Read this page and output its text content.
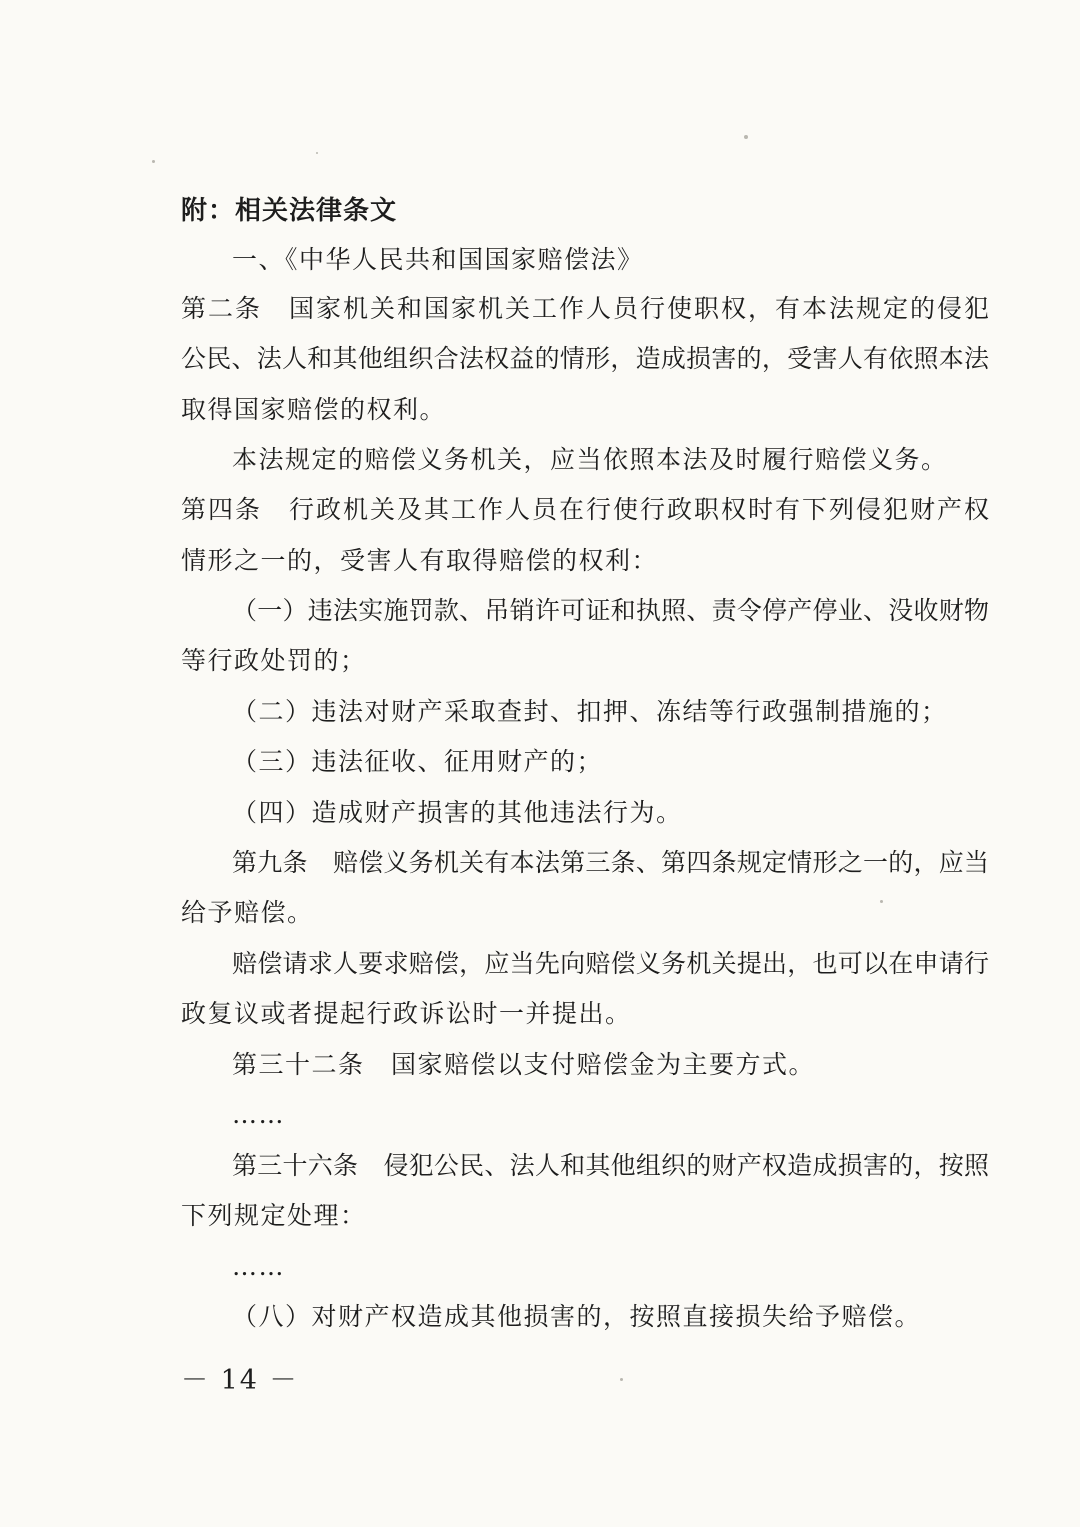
附：相关法律条文
一、《中华人民共和国国家赔偿法》
第二条　国家机关和国家机关工作人员行使职权，有本法规定的侵犯
公民、法人和其他组织合法权益的情形，造成损害的，受害人有依照本法
取得国家赔偿的权利。
本法规定的赔偿义务机关，应当依照本法及时履行赔偿义务。
第四条　行政机关及其工作人员在行使行政职权时有下列侵犯财产权
情形之一的，受害人有取得赔偿的权利：
（一）违法实施罚款、吊销许可证和执照、责令停产停业、没收财物
等行政处罚的；
（二）违法对财产采取查封、扣押、冻结等行政强制措施的；
（三）违法征收、征用财产的；
（四）造成财产损害的其他违法行为。
第九条　赔偿义务机关有本法第三条、第四条规定情形之一的，应当
给予赔偿。
赔偿请求人要求赔偿，应当先向赔偿义务机关提出，也可以在申请行
政复议或者提起行政诉讼时一并提出。
第三十二条　国家赔偿以支付赔偿金为主要方式。
……
第三十六条　侵犯公民、法人和其他组织的财产权造成损害的，按照
下列规定处理：
……
（八）对财产权造成其他损害的，按照直接损失给予赔偿。
－ 14 －
